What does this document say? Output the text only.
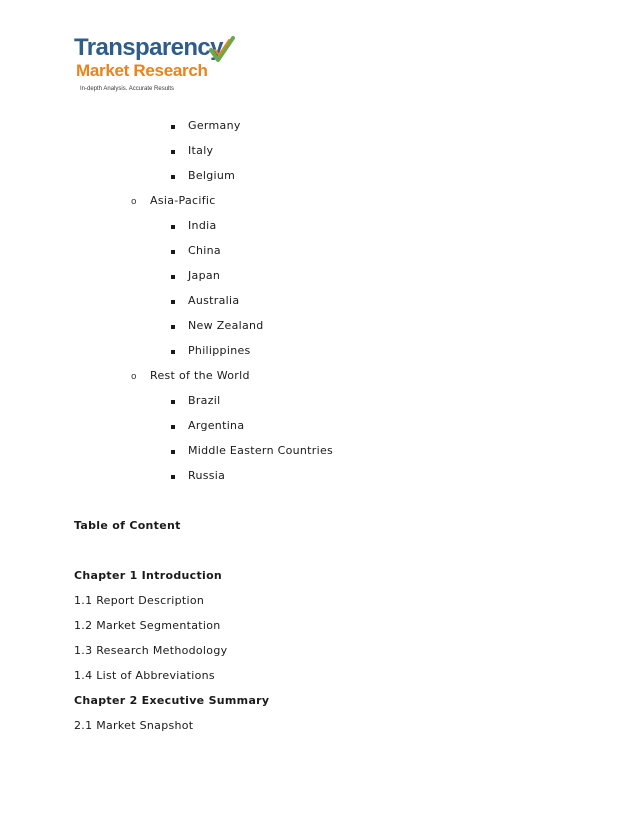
Transparency
Market Research
In-depth Analysis. Accurate Results
Germany
Italy
Belgium
o Asia-Pacific
India
China
Japan
Australia
New Zealand
Philippines
o Rest of the World
Brazil
Argentina
Middle Eastern Countries
Russia
Table of Content
Chapter 1 Introduction
1.1 Report Description
1.2 Market Segmentation
1.3 Research Methodology
1.4 List of Abbreviations
Chapter 2 Executive Summary
2.1 Market Snapshot
